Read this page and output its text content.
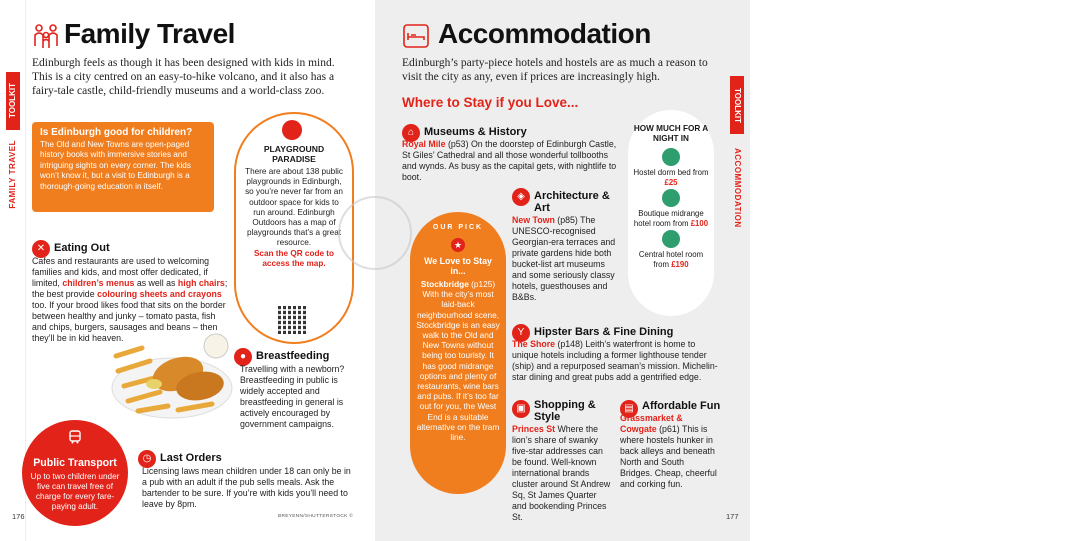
TOOLKIT
FAMILY TRAVEL
Family Travel

Edinburgh feels as though it has been designed with kids in mind. This is a city centred on an easy-to-hike volcano, and it also has a fairy-tale castle, child-friendly museums and a world-class zoo.

Is Edinburgh good for children?

The Old and New Towns are open-paged history books with immersive stories and intriguing sights on every corner. The kids won’t know it, but a visit to Edinburgh is a thorough-going education in itself.

PLAYGROUND PARADISE

There are about 138 public playgrounds in Edinburgh, so you’re never far from an outdoor space for kids to run around. Edinburgh Outdoors has a map of playgrounds that’s a great resource.

Scan the QR code to access the map.

✕ Eating Out

Cafes and restaurants are used to welcoming families and kids, and most offer dedicated, if limited, children’s menus as well as high chairs; the best provide colouring sheets and crayons too. If your brood likes food that sits on the border between healthy and junky – tomato pasta, fish and chips, burgers, sausages and beans – then they’ll be in kid heaven.

● Breastfeeding

Travelling with a newborn? Breastfeeding in public is widely accepted and breastfeeding in general is actively encouraged by government campaigns.

Public Transport

Up to two children under five can travel free of charge for every fare-paying adult.

◷ Last Orders

Licensing laws mean children under 18 can only be in a pub with an adult if the pub sells meals. Ask the bartender to be sure. If you’re with kids you’ll need to leave by 8pm.

BREYENN/SHUTTERSTOCK ©
176
2
TOOLKIT
ACCOMMODATION
Accommodation

Edinburgh’s party-piece hotels and hostels are as much a reason to visit the city as any, even if prices are increasingly high.

Where to Stay if you Love...
⌂ Museums & History

Royal Mile (p53) On the doorstep of Edinburgh Castle, St Giles’ Cathedral and all those wonderful tollbooths and wynds. As busy as the capital gets, with nightlife to boot.

OUR PICK
★
We Love to Stay in...

Stockbridge (p125) With the city’s most laid-back neighbourhood scene, Stockbridge is an easy walk to the Old and New Towns without being too touristy. It has good midrange options and plenty of restaurants, wine bars and pubs. If it’s too far out for you, the West End is a suitable alternative on the tram line.

◈ Architecture & Art

New Town (p85) The UNESCO-recognised Georgian-era terraces and private gardens hide both bucket-list art museums and some seriously classy hotels, guesthouses and B&Bs.

HOW MUCH FOR A NIGHT IN

Hostel dorm bed from £25

Boutique midrange hotel room from £100

Central hotel room from £190

Y Hipster Bars & Fine Dining

The Shore (p148) Leith’s waterfront is home to unique hotels including a former lighthouse tender (ship) and a repurposed seaman’s mission. Michelin-star dining and great pubs add a gentrified edge.

▣ Shopping & Style

Princes St Where the lion’s share of swanky five-star addresses can be found. Well-known international brands cluster around St Andrew Sq, St James Quarter and bookending Princes St.

▤ Affordable Fun

Grassmarket & Cowgate (p61) This is where hostels hunker in back alleys and beneath North and South Bridges. Cheap, cheerful and corking fun.

177
